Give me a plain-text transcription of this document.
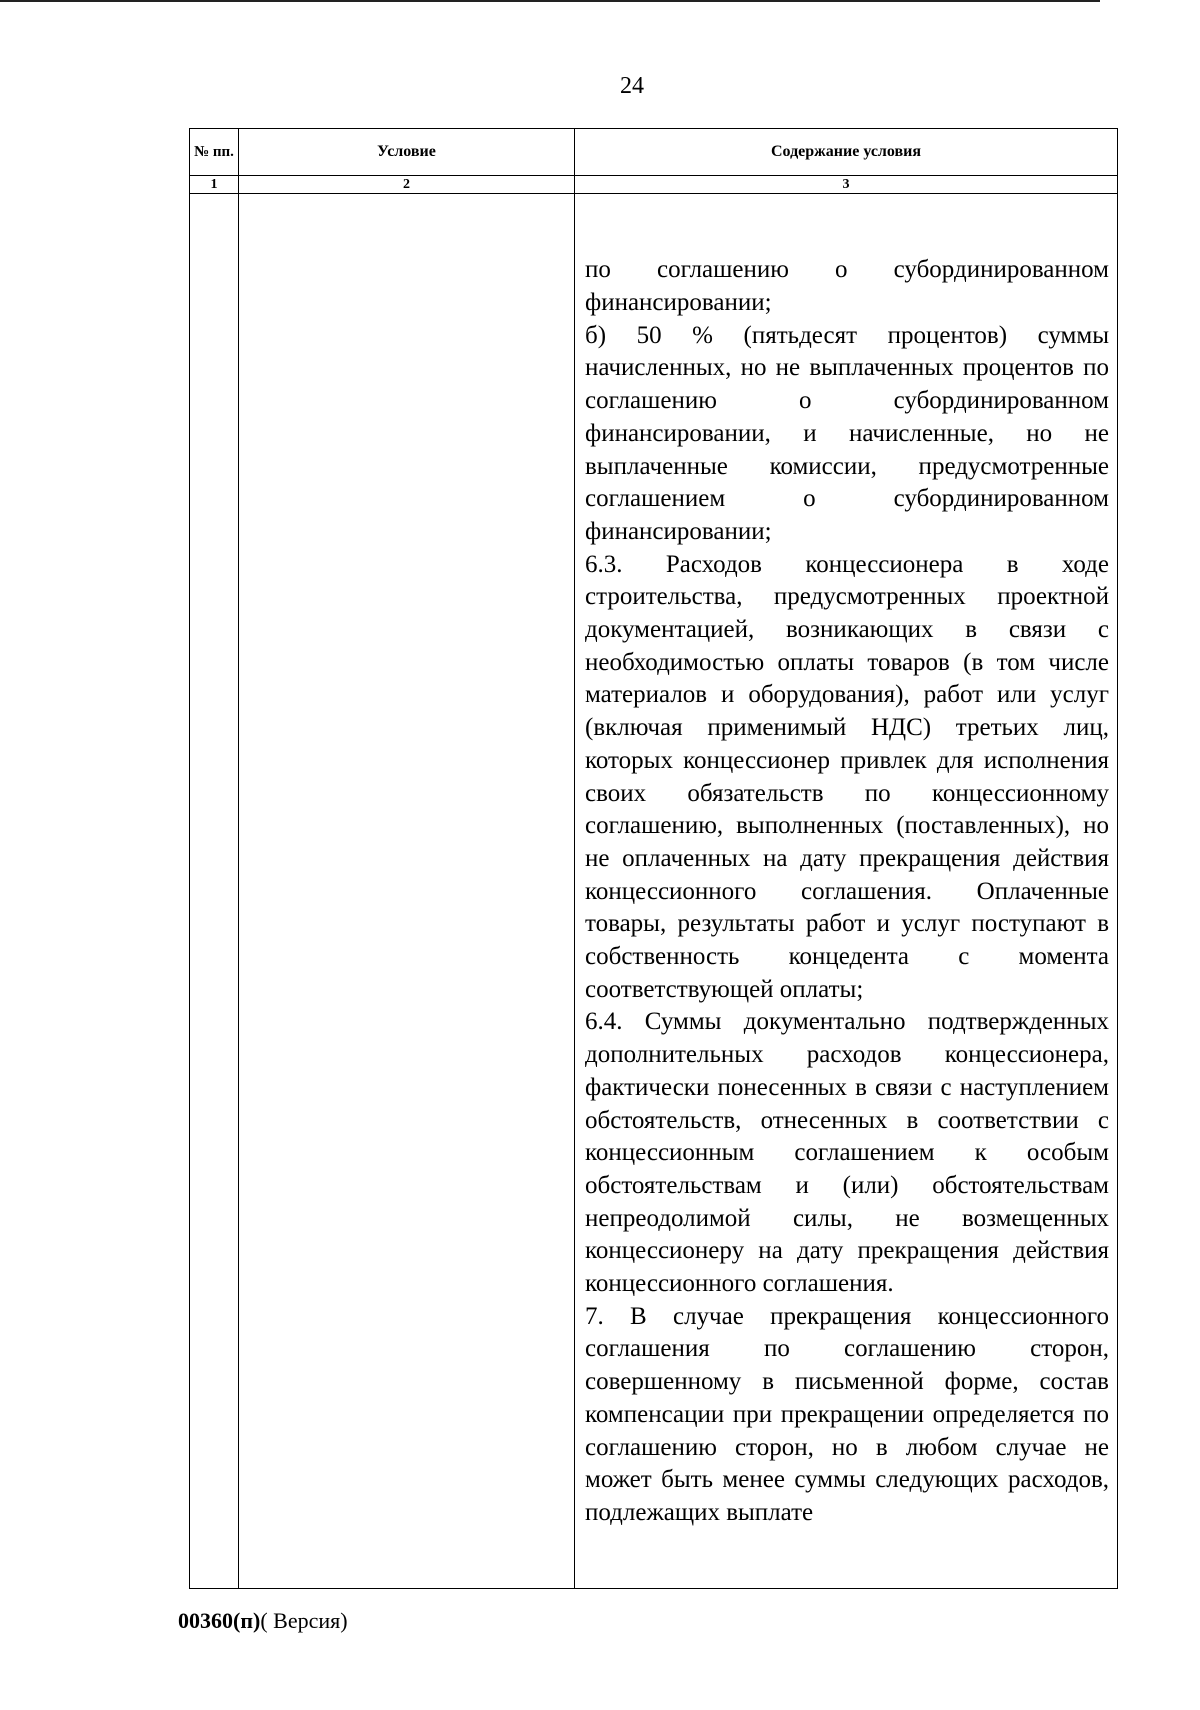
24
№ пп.	Условие	Содержание условия
1	2	3

		по соглашению о субординированном финансировании;

б) 50 % (пятьдесят процентов) суммы начисленных, но не выплаченных процентов по соглашению о субординированном финансировании, и начисленные, но не выплаченные комиссии, предусмотренные соглашением о субординированном финансировании;

6.3. Расходов концессионера в ходе строительства, предусмотренных проектной документацией, возникающих в связи с необходимостью оплаты товаров (в том числе материалов и оборудования), работ или услуг (включая применимый НДС) третьих лиц, которых концессионер привлек для исполнения своих обязательств по концессионному соглашению, выполненных (поставленных), но не оплаченных на дату прекращения действия концессионного соглашения. Оплаченные товары, результаты работ и услуг поступают в собственность концедента с момента соответствующей оплаты;

6.4. Суммы документально подтвержденных дополнительных расходов концессионера, фактически понесенных в связи с наступлением обстоятельств, отнесенных в соответствии с концессионным соглашением к особым обстоятельствам и (или) обстоятельствам непреодолимой силы, не возмещенных концессионеру на дату прекращения действия концессионного соглашения.

7. В случае прекращения концессионного соглашения по соглашению сторон, совершенному в письменной форме, состав компенсации при прекращении определяется по соглашению сторон, но в любом случае не может быть менее суммы следующих расходов, подлежащих выплате

00360(п)( Версия)
